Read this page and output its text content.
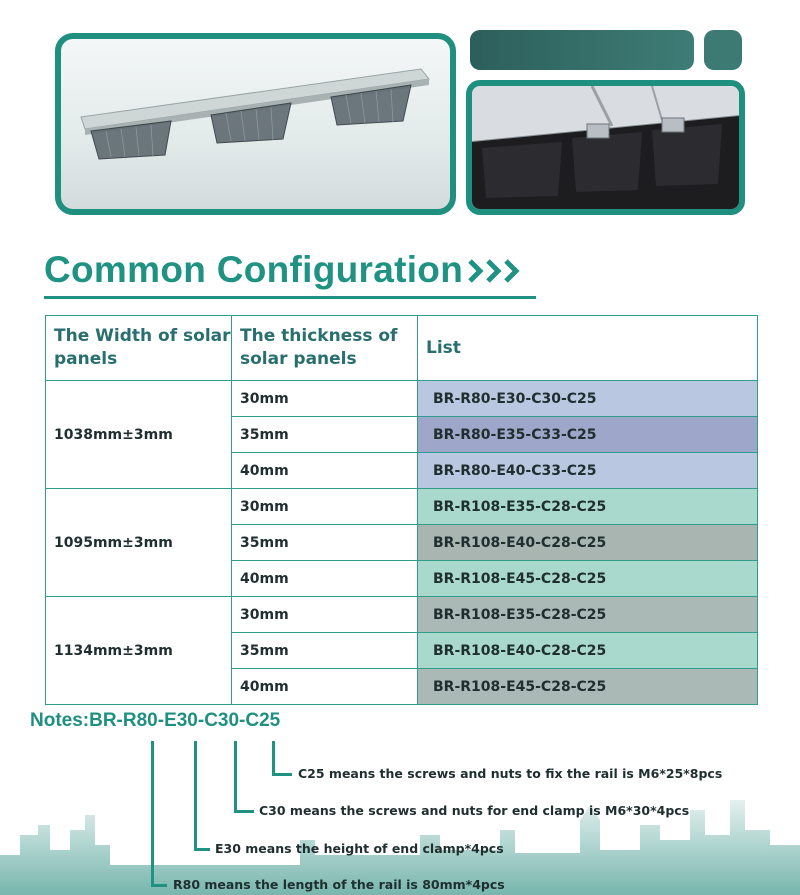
Common Configuration
The Width of solar panels	The thickness of solar panels	List
1038mm±3mm	30mm	BR-R80-E30-C30-C25
	35mm	BR-R80-E35-C33-C25
	40mm	BR-R80-E40-C33-C25
1095mm±3mm	30mm	BR-R108-E35-C28-C25
	35mm	BR-R108-E40-C28-C25
	40mm	BR-R108-E45-C28-C25
1134mm±3mm	30mm	BR-R108-E35-C28-C25
	35mm	BR-R108-E40-C28-C25
	40mm	BR-R108-E45-C28-C25
Notes:BR-R80-E30-C30-C25
C25 means the screws and nuts to fix the rail is M6*25*8pcs
C30 means the screws and nuts for end clamp is M6*30*4pcs
E30 means the height of end clamp*4pcs
R80 means the length of the rail is 80mm*4pcs
